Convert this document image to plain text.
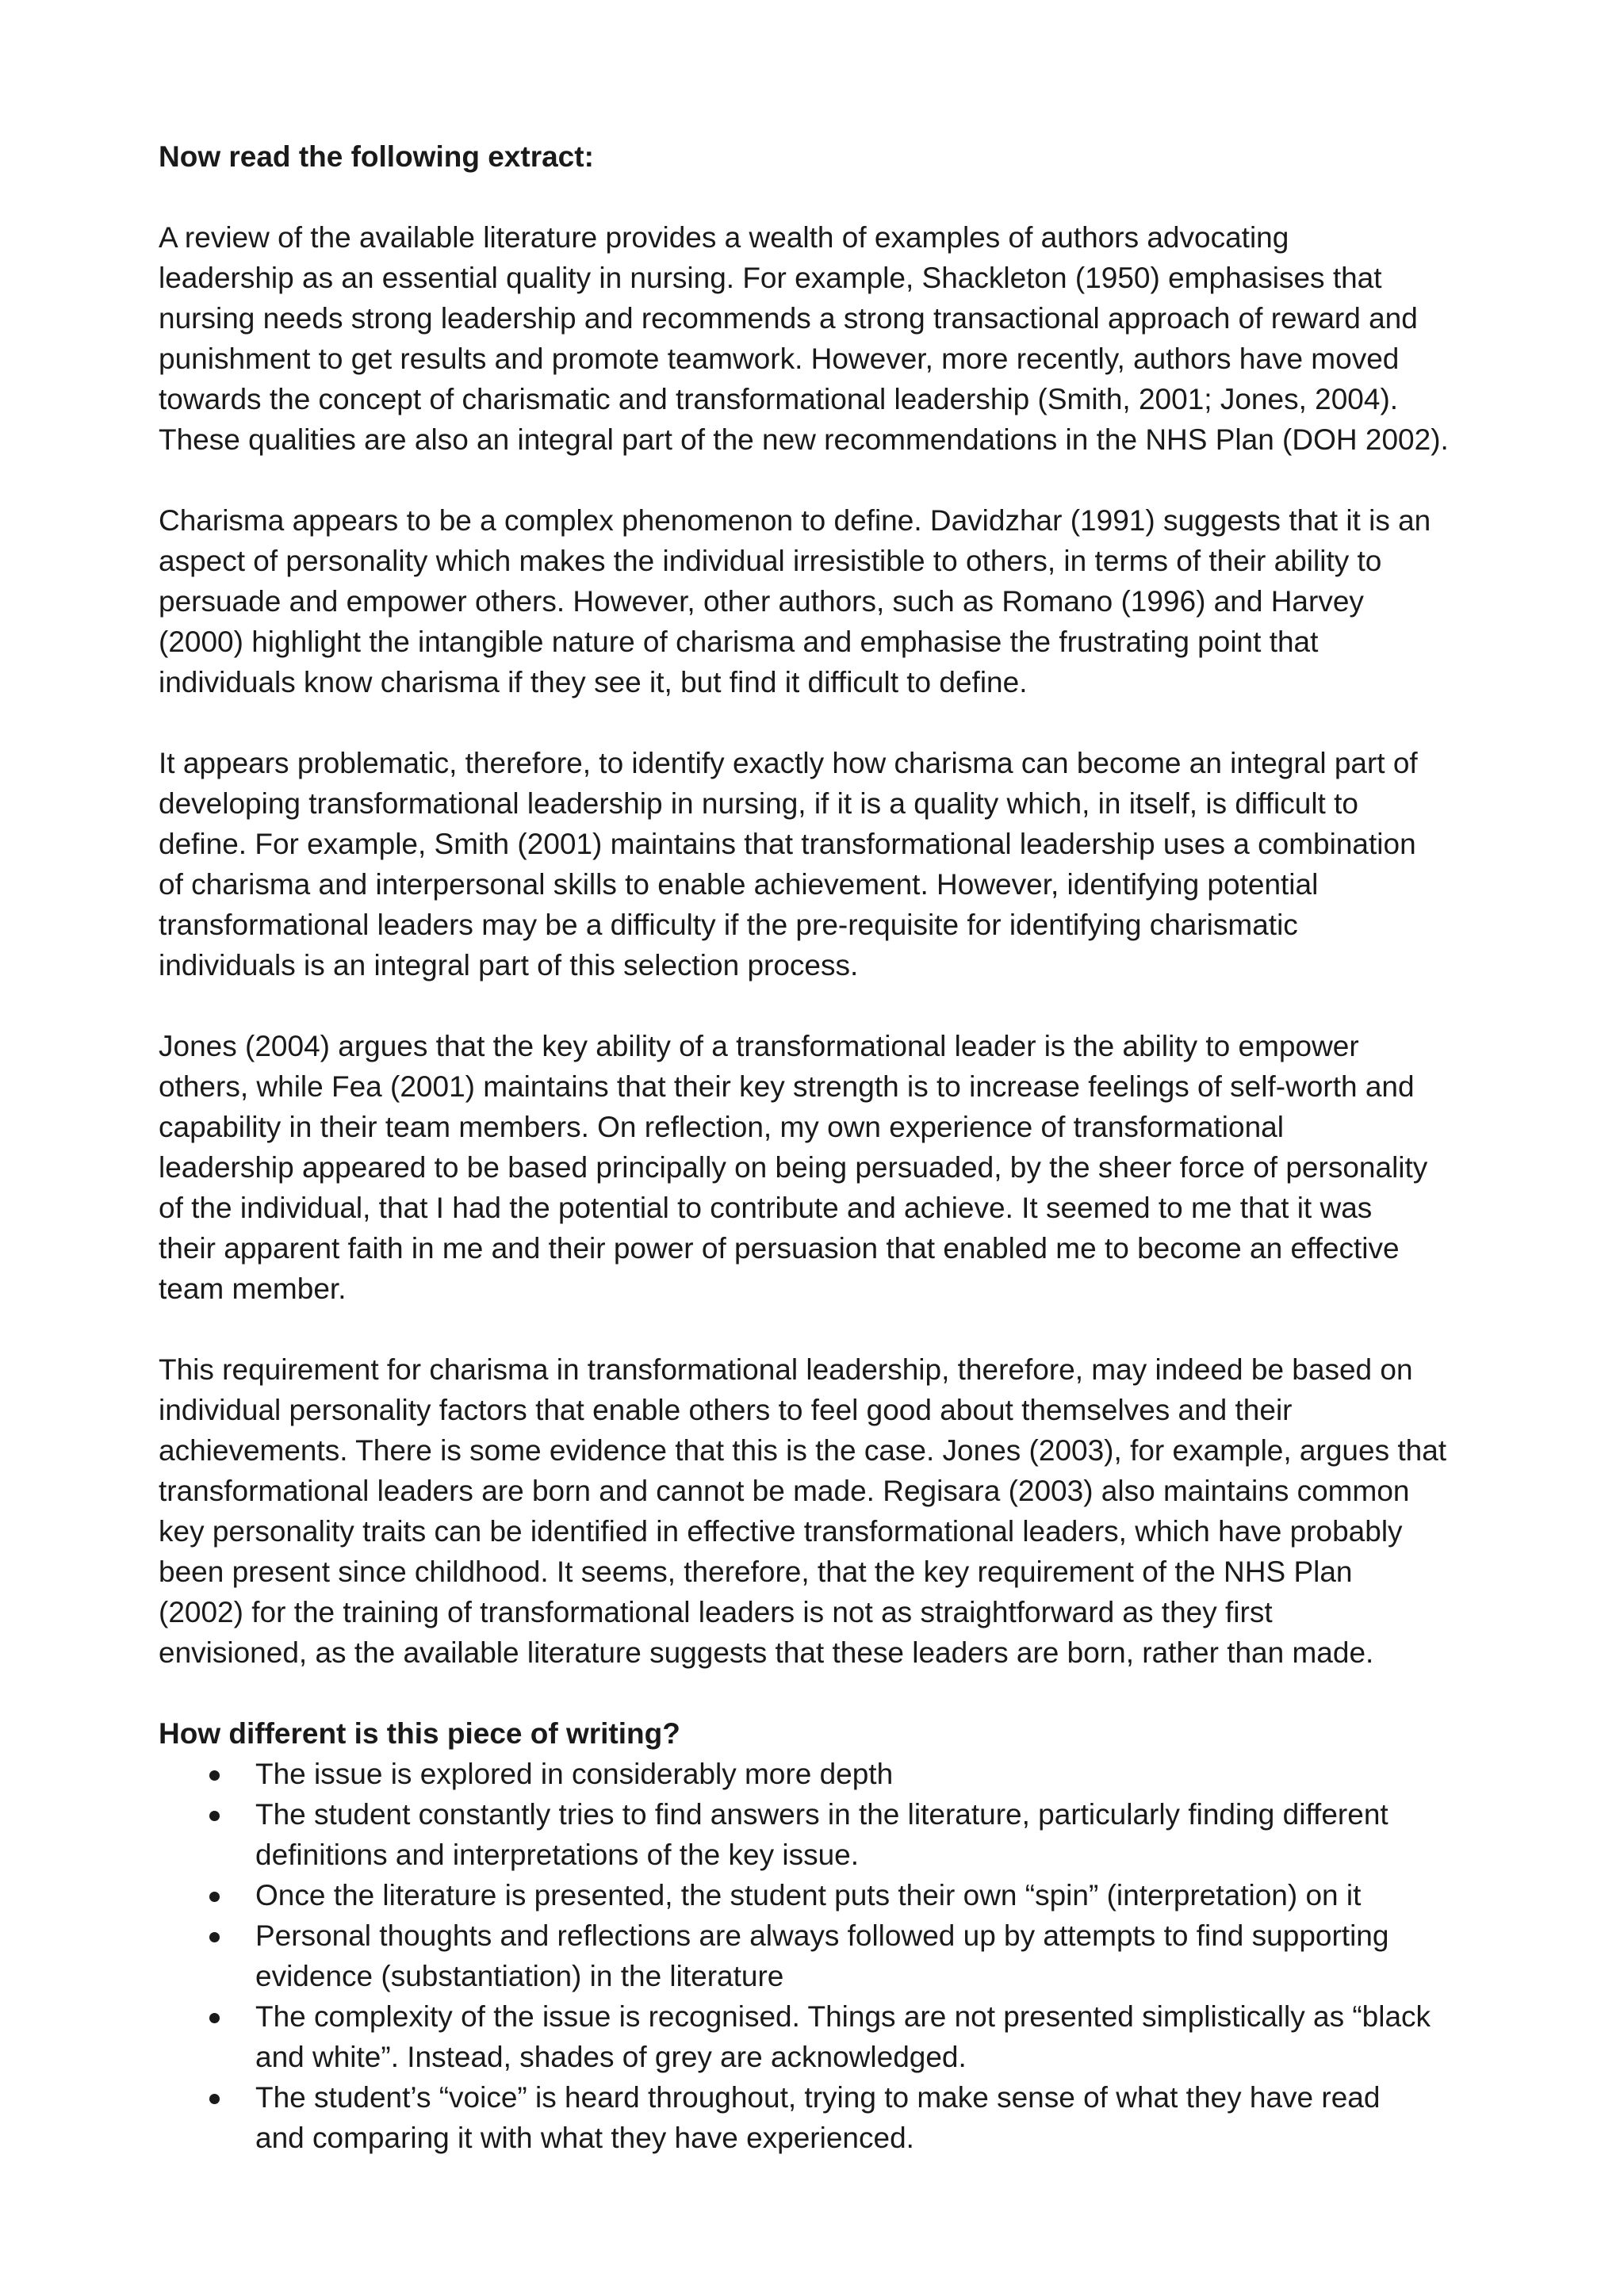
Now read the following extract:

A review of the available literature provides a wealth of examples of authors advocating
leadership as an essential quality in nursing. For example, Shackleton (1950) emphasises that
nursing needs strong leadership and recommends a strong transactional approach of reward and
punishment to get results and promote teamwork. However, more recently, authors have moved
towards the concept of charismatic and transformational leadership (Smith, 2001; Jones, 2004).
These qualities are also an integral part of the new recommendations in the NHS Plan (DOH 2002).

Charisma appears to be a complex phenomenon to define. Davidzhar (1991) suggests that it is an
aspect of personality which makes the individual irresistible to others, in terms of their ability to
persuade and empower others. However, other authors, such as Romano (1996) and Harvey
(2000) highlight the intangible nature of charisma and emphasise the frustrating point that
individuals know charisma if they see it, but find it difficult to define.

It appears problematic, therefore, to identify exactly how charisma can become an integral part of
developing transformational leadership in nursing, if it is a quality which, in itself, is difficult to
define. For example, Smith (2001) maintains that transformational leadership uses a combination
of charisma and interpersonal skills to enable achievement. However, identifying potential
transformational leaders may be a difficulty if the pre-requisite for identifying charismatic
individuals is an integral part of this selection process.

Jones (2004) argues that the key ability of a transformational leader is the ability to empower
others, while Fea (2001) maintains that their key strength is to increase feelings of self-worth and
capability in their team members. On reflection, my own experience of transformational
leadership appeared to be based principally on being persuaded, by the sheer force of personality
of the individual, that I had the potential to contribute and achieve. It seemed to me that it was
their apparent faith in me and their power of persuasion that enabled me to become an effective
team member.

This requirement for charisma in transformational leadership, therefore, may indeed be based on
individual personality factors that enable others to feel good about themselves and their
achievements. There is some evidence that this is the case. Jones (2003), for example, argues that
transformational leaders are born and cannot be made. Regisara (2003) also maintains common
key personality traits can be identified in effective transformational leaders, which have probably
been present since childhood. It seems, therefore, that the key requirement of the NHS Plan
(2002) for the training of transformational leaders is not as straightforward as they first
envisioned, as the available literature suggests that these leaders are born, rather than made.

How different is this piece of writing?

The issue is explored in considerably more depth
The student constantly tries to find answers in the literature, particularly finding different
definitions and interpretations of the key issue.
Once the literature is presented, the student puts their own “spin” (interpretation) on it
Personal thoughts and reflections are always followed up by attempts to find supporting
evidence (substantiation) in the literature
The complexity of the issue is recognised. Things are not presented simplistically as “black
and white”. Instead, shades of grey are acknowledged.
The student’s “voice” is heard throughout, trying to make sense of what they have read
and comparing it with what they have experienced.
